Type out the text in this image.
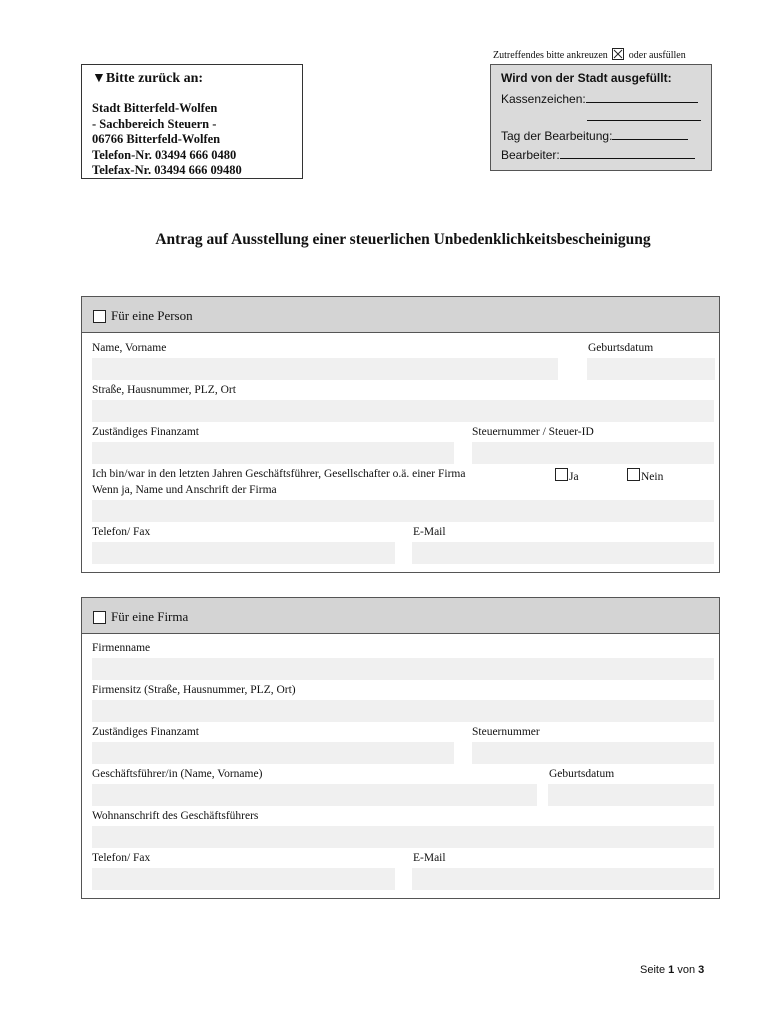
Zutreffendes bitte ankreuzen oder ausfüllen
▼Bitte zurück an:
Stadt Bitterfeld-Wolfen
- Sachbereich Steuern -
06766 Bitterfeld-Wolfen
Telefon-Nr. 03494 666 0480
Telefax-Nr. 03494 666 09480
Wird von der Stadt ausgefüllt:
Kassenzeichen:
Tag der Bearbeitung:
Bearbeiter:
Antrag auf Ausstellung einer steuerlichen Unbedenklichkeitsbescheinigung
Für eine Person
Name, Vorname	Geburtsdatum
Straße, Hausnummer, PLZ, Ort
Zuständiges Finanzamt	Steuernummer / Steuer-ID
Ich bin/war in den letzten Jahren Geschäftsführer, Gesellschafter o.ä. einer Firma	Ja	Nein
Wenn ja, Name und Anschrift der Firma
Telefon/ Fax	E-Mail
Für eine Firma
Firmenname
Firmensitz (Straße, Hausnummer, PLZ, Ort)
Zuständiges Finanzamt	Steuernummer
Geschäftsführer/in (Name, Vorname)	Geburtsdatum
Wohnanschrift des Geschäftsführers
Telefon/ Fax	E-Mail
Seite 1 von 3
